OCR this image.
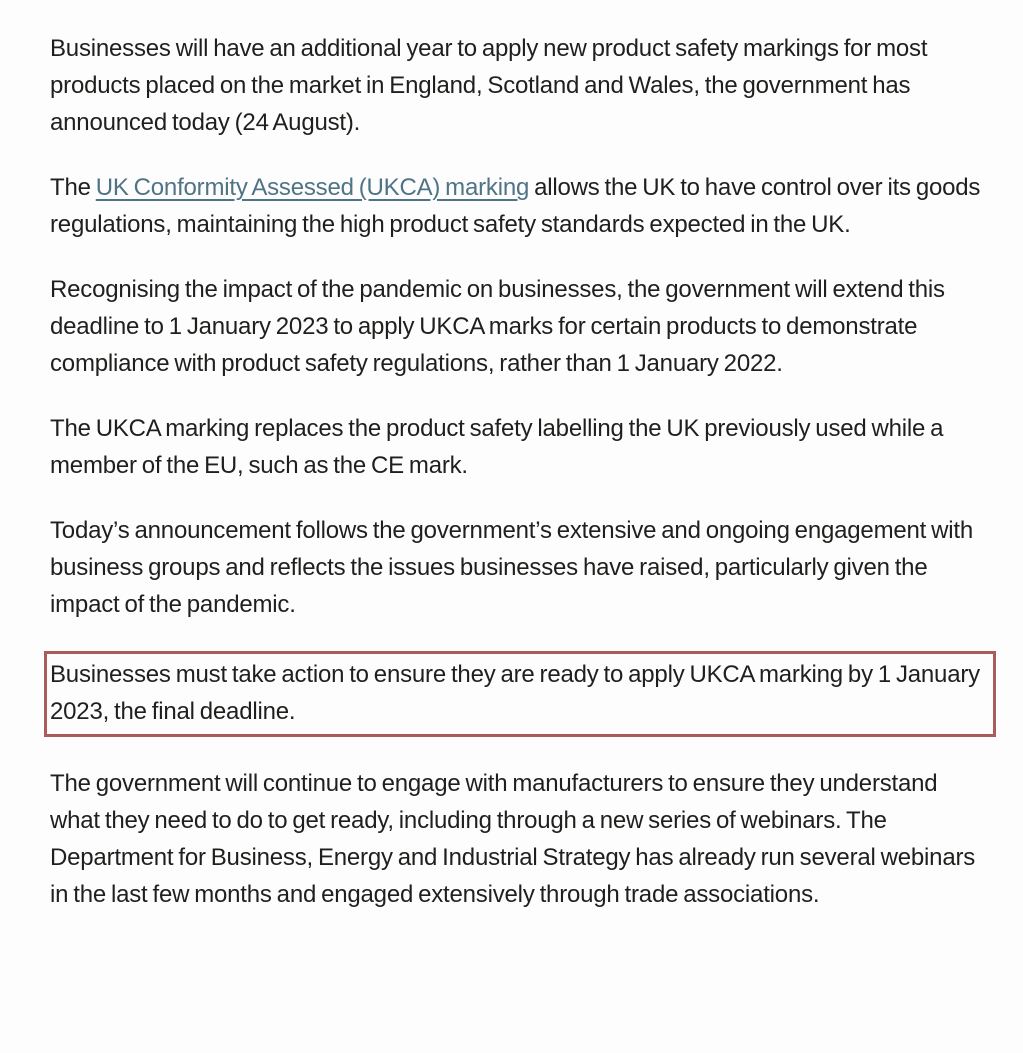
Businesses will have an additional year to apply new product safety markings for most products placed on the market in England, Scotland and Wales, the government has announced today (24 August).

The UK Conformity Assessed (UKCA) marking allows the UK to have control over its goods regulations, maintaining the high product safety standards expected in the UK.

Recognising the impact of the pandemic on businesses, the government will extend this deadline to 1 January 2023 to apply UKCA marks for certain products to demonstrate compliance with product safety regulations, rather than 1 January 2022.

The UKCA marking replaces the product safety labelling the UK previously used while a member of the EU, such as the CE mark.

Today’s announcement follows the government’s extensive and ongoing engagement with business groups and reflects the issues businesses have raised, particularly given the impact of the pandemic.

Businesses must take action to ensure they are ready to apply UKCA marking by 1 January 2023, the final deadline.

The government will continue to engage with manufacturers to ensure they understand what they need to do to get ready, including through a new series of webinars. The Department for Business, Energy and Industrial Strategy has already run several webinars in the last few months and engaged extensively through trade associations.
